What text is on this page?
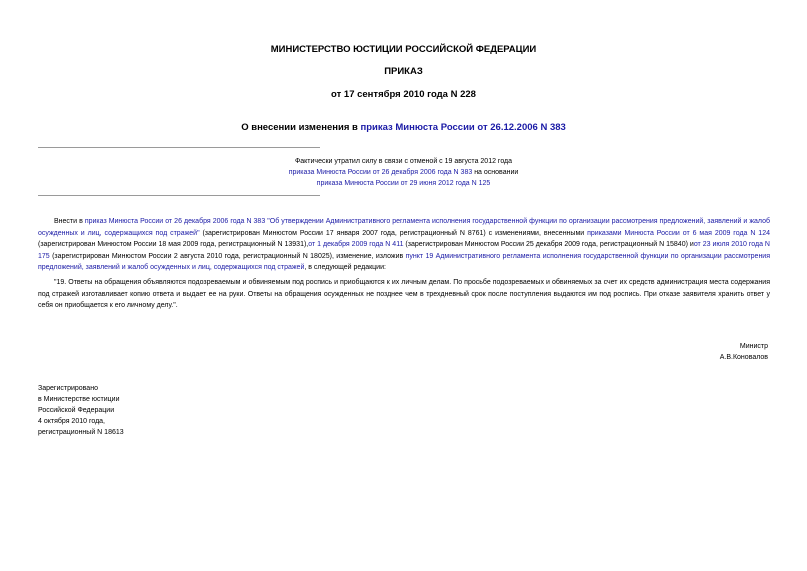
МИНИСТЕРСТВО ЮСТИЦИИ РОССИЙСКОЙ ФЕДЕРАЦИИ
ПРИКАЗ
от 17 сентября 2010 года N 228
О внесении изменения в приказ Минюста России от 26.12.2006 N 383
Фактически утратил силу в связи с отменой с 19 августа 2012 года
приказа Минюста России от 26 декабря 2006 года N 383 на основании
приказа Минюста России от 29 июня 2012 года N 125
Внести в приказ Минюста России от 26 декабря 2006 года N 383 "Об утверждении Административного регламента исполнения государственной функции по организации рассмотрения предложений, заявлений и жалоб осужденных и лиц, содержащихся под стражей" (зарегистрирован Минюстом России 17 января 2007 года, регистрационный N 8761) с изменениями, внесенными приказами Минюста России от 6 мая 2009 года N 124 (зарегистрирован Минюстом России 18 мая 2009 года, регистрационный N 13931),от 1 декабря 2009 года N 411 (зарегистрирован Минюстом России 25 декабря 2009 года, регистрационный N 15840) иот 23 июля 2010 года N 175 (зарегистрирован Минюстом России 2 августа 2010 года, регистрационный N 18025), изменение, изложив пункт 19 Административного регламента исполнения государственной функции по организации рассмотрения предложений, заявлений и жалоб осужденных и лиц, содержащихся под стражей, в следующей редакции:
"19. Ответы на обращения объявляются подозреваемым и обвиняемым под роспись и приобщаются к их личным делам. По просьбе подозреваемых и обвиняемых за счет их средств администрация места содержания под стражей изготавливает копию ответа и выдает ее на руки. Ответы на обращения осужденных не позднее чем в трехдневный срок после поступления выдаются им под роспись. При отказе заявителя хранить ответ у себя он приобщается к его личному делу.".
Министр
А.В.Коновалов
Зарегистрировано
в Министерстве юстиции
Российской Федерации
4 октября 2010 года,
регистрационный N 18613
